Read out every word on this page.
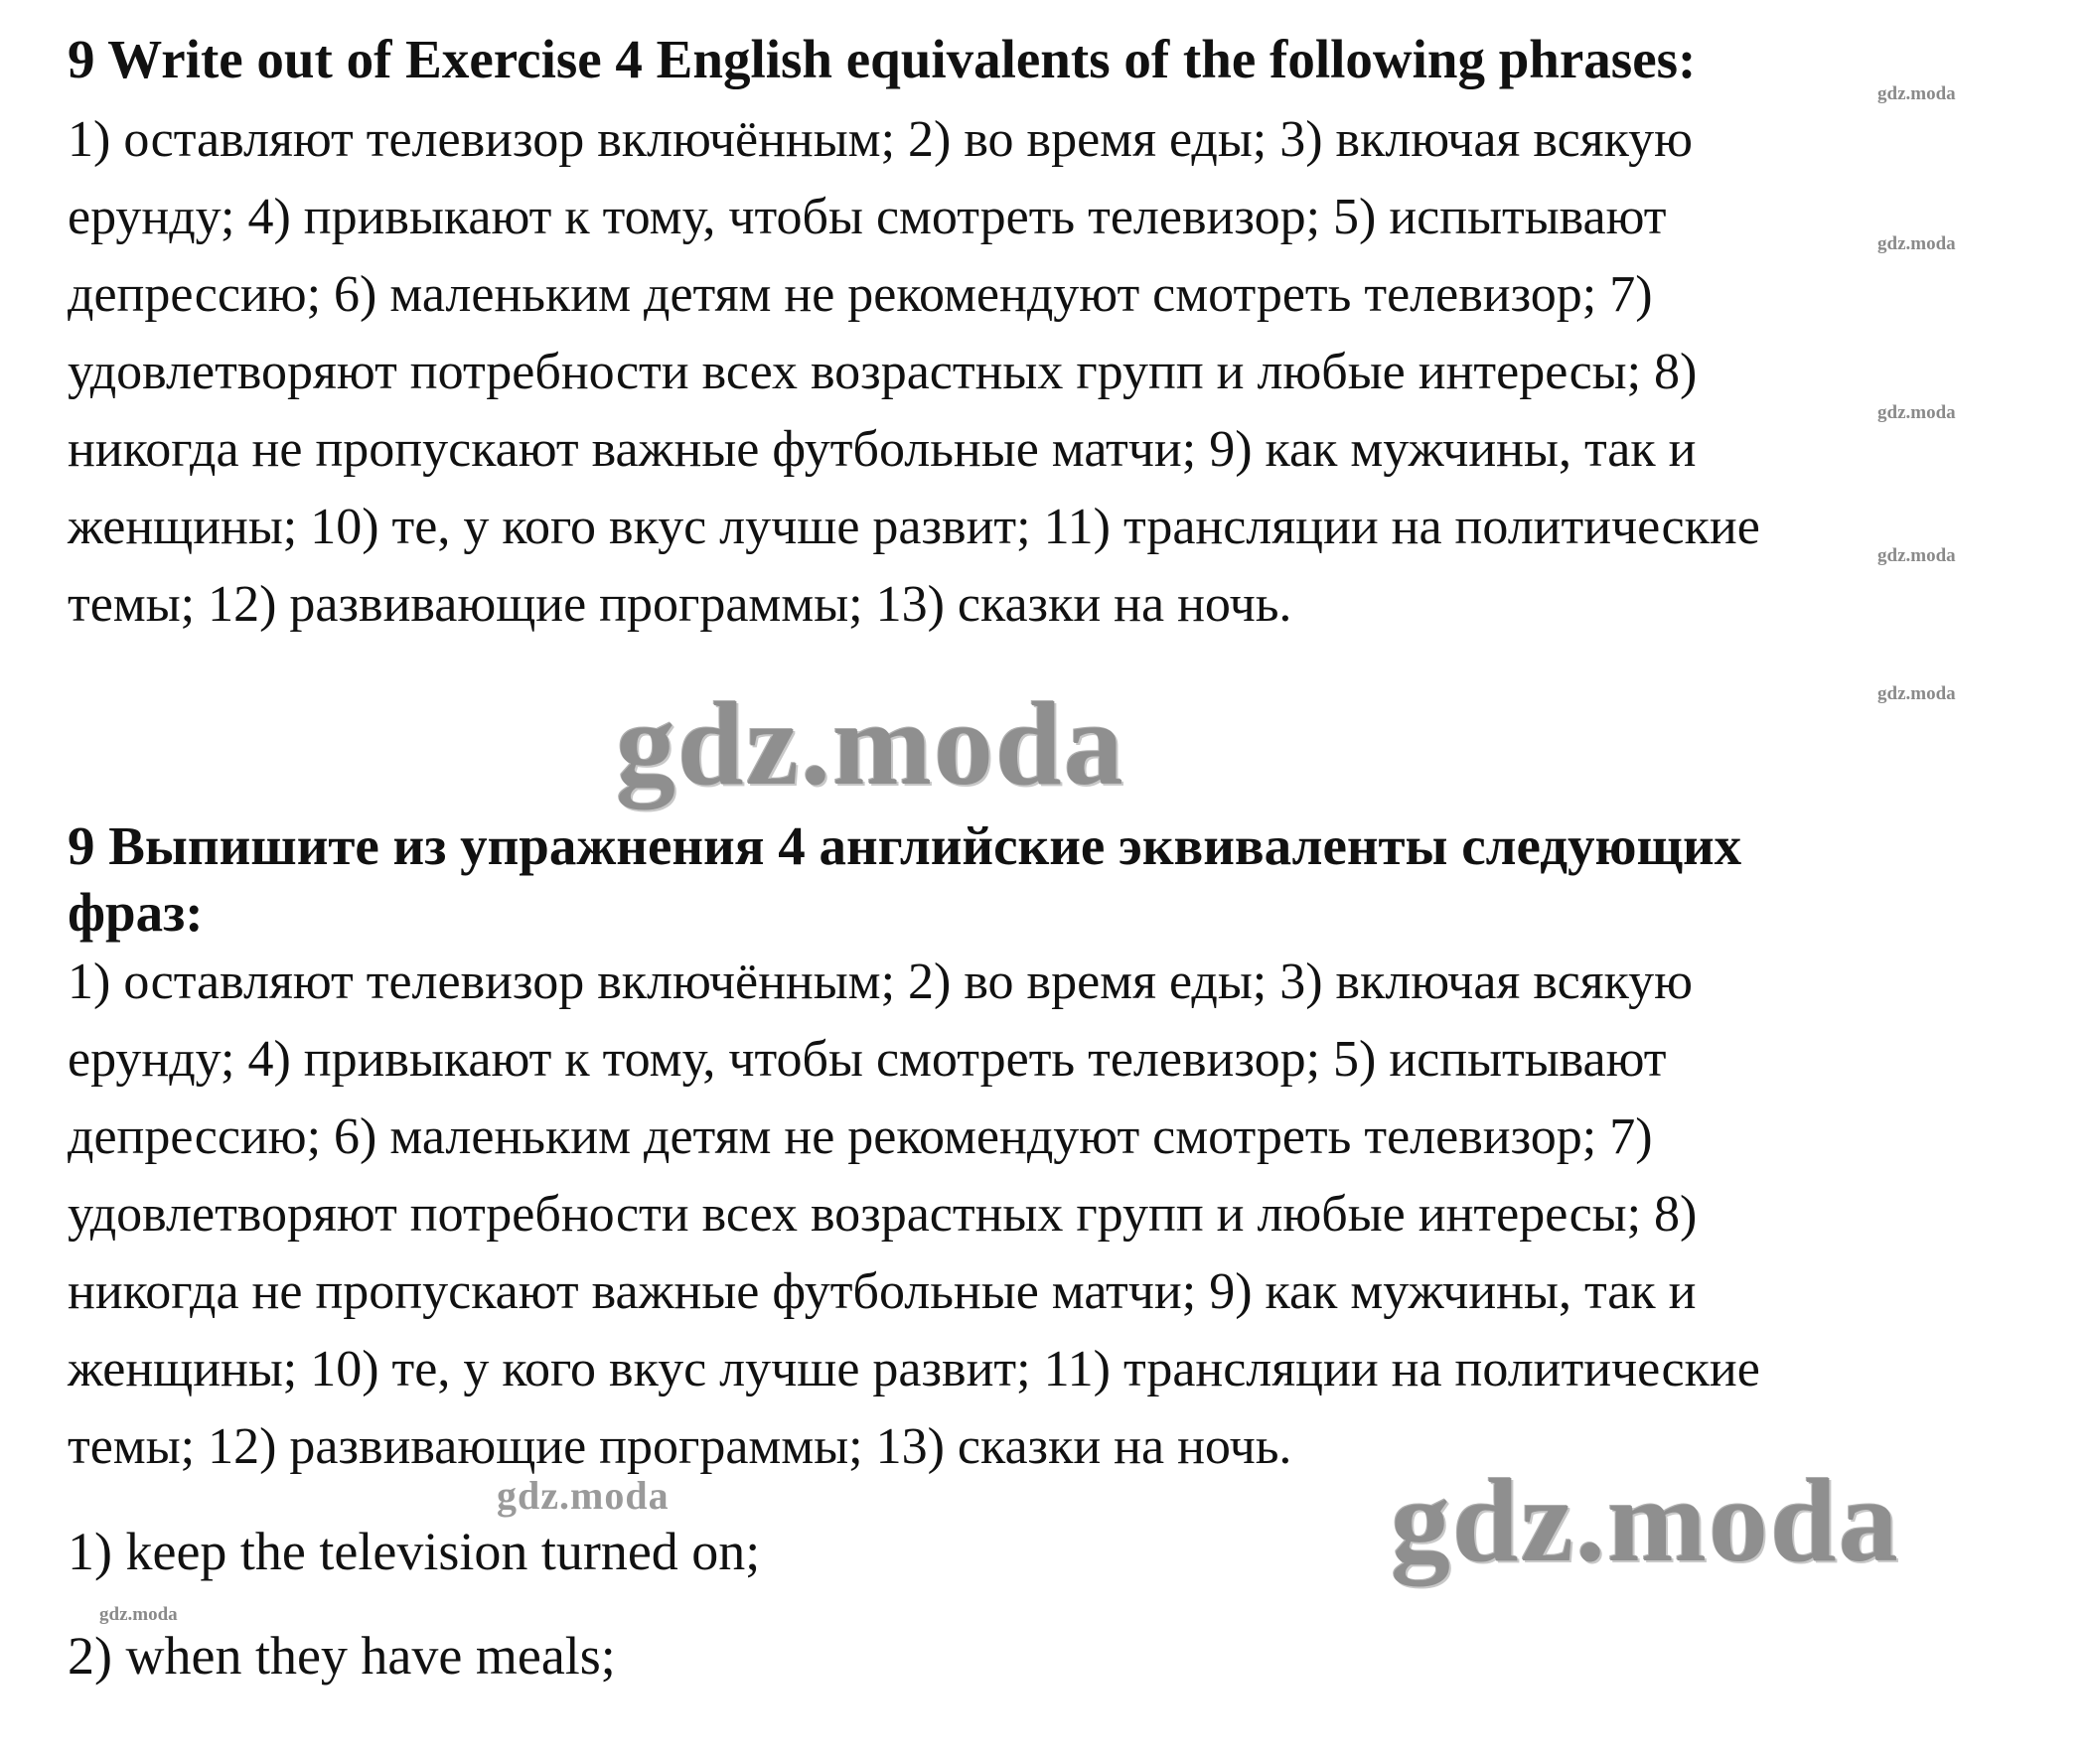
9 Write out of Exercise 4 English equivalents of the following phrases:

1) оставляют телевизор включённым; 2) во время еды; 3) включая всякую
ерунду; 4) привыкают к тому, чтобы смотреть телевизор; 5) испытывают
депрессию; 6) маленьким детям не рекомендуют смотреть телевизор; 7)
удовлетворяют потребности всех возрастных групп и любые интересы; 8)
никогда не пропускают важные футбольные матчи; 9) как мужчины, так и
женщины; 10) те, у кого вкус лучше развит; 11) трансляции на политические
темы; 12) развивающие программы; 13) сказки на ночь.

9 Выпишите из упражнения 4 английские эквиваленты следующих
фраз:

1) оставляют телевизор включённым; 2) во время еды; 3) включая всякую
ерунду; 4) привыкают к тому, чтобы смотреть телевизор; 5) испытывают
депрессию; 6) маленьким детям не рекомендуют смотреть телевизор; 7)
удовлетворяют потребности всех возрастных групп и любые интересы; 8)
никогда не пропускают важные футбольные матчи; 9) как мужчины, так и
женщины; 10) те, у кого вкус лучше развит; 11) трансляции на политические
темы; 12) развивающие программы; 13) сказки на ночь.

1) keep the television turned on;

2) when they have meals;

gdz.moda
gdz.moda
gdz.moda
gdz.moda
gdz.moda
gdz.moda
gdz.moda
gdz.moda
gdz.moda
